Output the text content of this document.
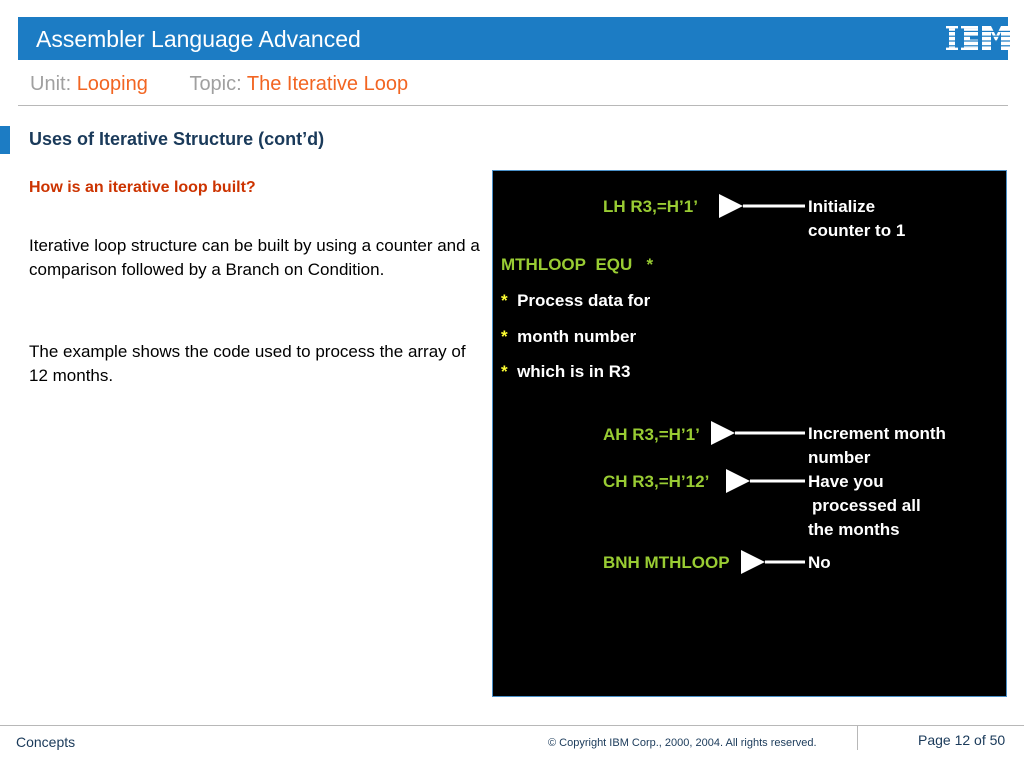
Assembler Language Advanced
Unit: Looping Topic: The Iterative Loop
Uses of Iterative Structure (cont’d)
How is an iterative loop built?

Iterative loop structure can be built by using a counter and a comparison followed by a Branch on Condition.

The example shows the code used to process the array of 12 months.

LH R3,=H’1’	Initialize
counter to 1
MTHLOOP  EQU   *
* Process data for
* month number
* which is in R3
AH R3,=H’1’	Increment month
number
CH R3,=H’12’	Have you
processed all
the months
BNH MTHLOOP	No
Concepts	© Copyright IBM Corp., 2000, 2004. All rights reserved.	Page 12 of 50
